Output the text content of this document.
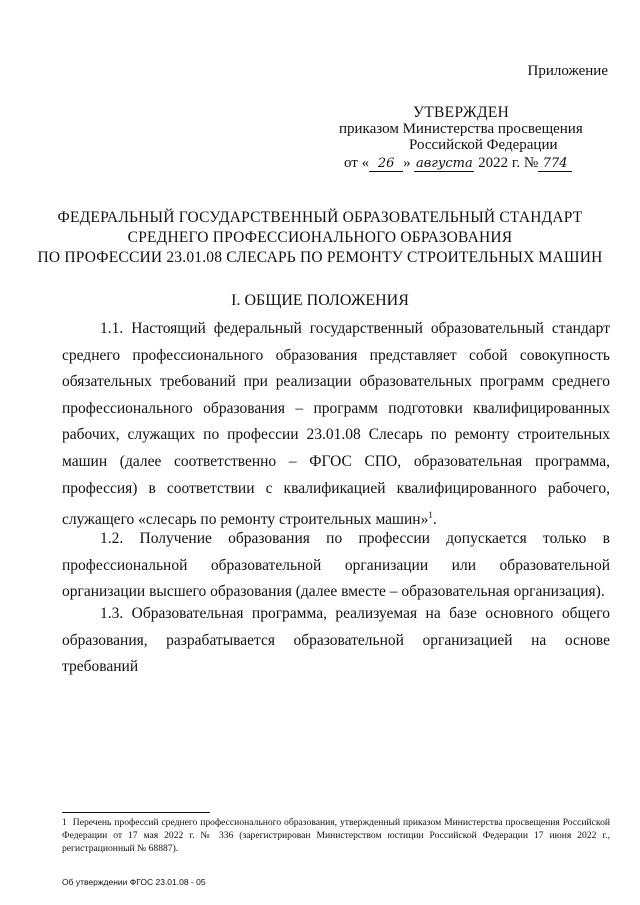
Приложение
УТВЕРЖДЕН
приказом Министерства просвещения
Российской Федерации
от « 26 » августа 2022 г. № 774
ФЕДЕРАЛЬНЫЙ ГОСУДАРСТВЕННЫЙ ОБРАЗОВАТЕЛЬНЫЙ СТАНДАРТ
СРЕДНЕГО ПРОФЕССИОНАЛЬНОГО ОБРАЗОВАНИЯ
ПО ПРОФЕССИИ 23.01.08 СЛЕСАРЬ ПО РЕМОНТУ СТРОИТЕЛЬНЫХ МАШИН
I. ОБЩИЕ ПОЛОЖЕНИЯ
1.1. Настоящий федеральный государственный образовательный стандарт среднего профессионального образования представляет собой совокупность обязательных требований при реализации образовательных программ среднего профессионального образования – программ подготовки квалифицированных рабочих, служащих по профессии 23.01.08 Слесарь по ремонту строительных машин (далее соответственно – ФГОС СПО, образовательная программа, профессия) в соответствии с квалификацией квалифицированного рабочего, служащего «слесарь по ремонту строительных машин»$^1$.
1.2. Получение образования по профессии допускается только в профессиональной образовательной организации или образовательной организации высшего образования (далее вместе – образовательная организация).
1.3. Образовательная программа, реализуемая на базе основного общего образования, разрабатывается образовательной организацией на основе требований
1 Перечень профессий среднего профессионального образования, утвержденный приказом Министерства просвещения Российской Федерации от 17 мая 2022 г. № 336 (зарегистрирован Министерством юстиции Российской Федерации 17 июня 2022 г., регистрационный № 68887).
Об утверждении ФГОС 23.01.08 - 05
